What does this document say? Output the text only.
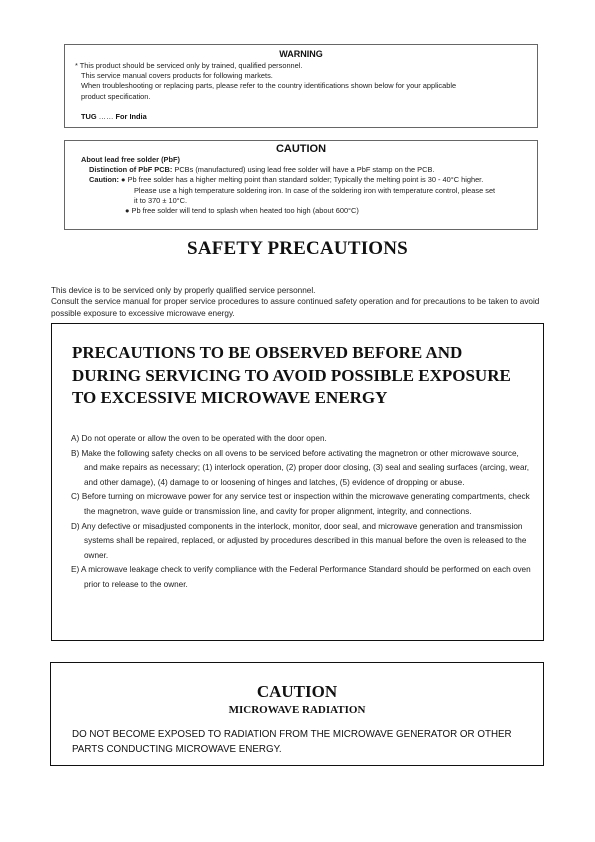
WARNING
* This product should be serviced only by trained, qualified personnel.
This service manual covers products for following markets.
When troubleshooting or replacing parts, please refer to the country identifications shown below for your applicable
product specification.
TUG …… For India
CAUTION
About lead free solder (PbF)
Distinction of PbF PCB: PCBs (manufactured) using lead free solder will have a PbF stamp on the PCB.
Caution: ● Pb free solder has a higher melting point than standard solder; Typically the melting point is 30 - 40°C higher.
Please use a high temperature soldering iron. In case of the soldering iron with temperature control, please set
it to 370 ± 10°C.
● Pb free solder will tend to splash when heated too high (about 600°C)
SAFETY PRECAUTIONS
This device is to be serviced only by properly qualified service personnel.
Consult the service manual for proper service procedures to assure continued safety operation and for precautions to be taken to avoid possible exposure to excessive microwave energy.
PRECAUTIONS TO BE OBSERVED BEFORE AND DURING SERVICING TO AVOID POSSIBLE EXPOSURE TO EXCESSIVE MICROWAVE ENERGY
A) Do not operate or allow the oven to be operated with the door open.
B) Make the following safety checks on all ovens to be serviced before activating the magnetron or other microwave source, and make repairs as necessary; (1) interlock operation, (2) proper door closing, (3) seal and sealing surfaces (arcing, wear, and other damage), (4) damage to or loosening of hinges and latches, (5) evidence of dropping or abuse.
C) Before turning on microwave power for any service test or inspection within the microwave generating compartments, check the magnetron, wave guide or transmission line, and cavity for proper alignment, integrity, and connections.
D) Any defective or misadjusted components in the interlock, monitor, door seal, and microwave generation and transmission systems shall be repaired, replaced, or adjusted by procedures described in this manual before the oven is released to the owner.
E) A microwave leakage check to verify compliance with the Federal Performance Standard should be performed on each oven prior to release to the owner.
CAUTION
MICROWAVE RADIATION
DO NOT BECOME EXPOSED TO RADIATION FROM THE MICROWAVE GENERATOR OR OTHER PARTS CONDUCTING MICROWAVE ENERGY.
